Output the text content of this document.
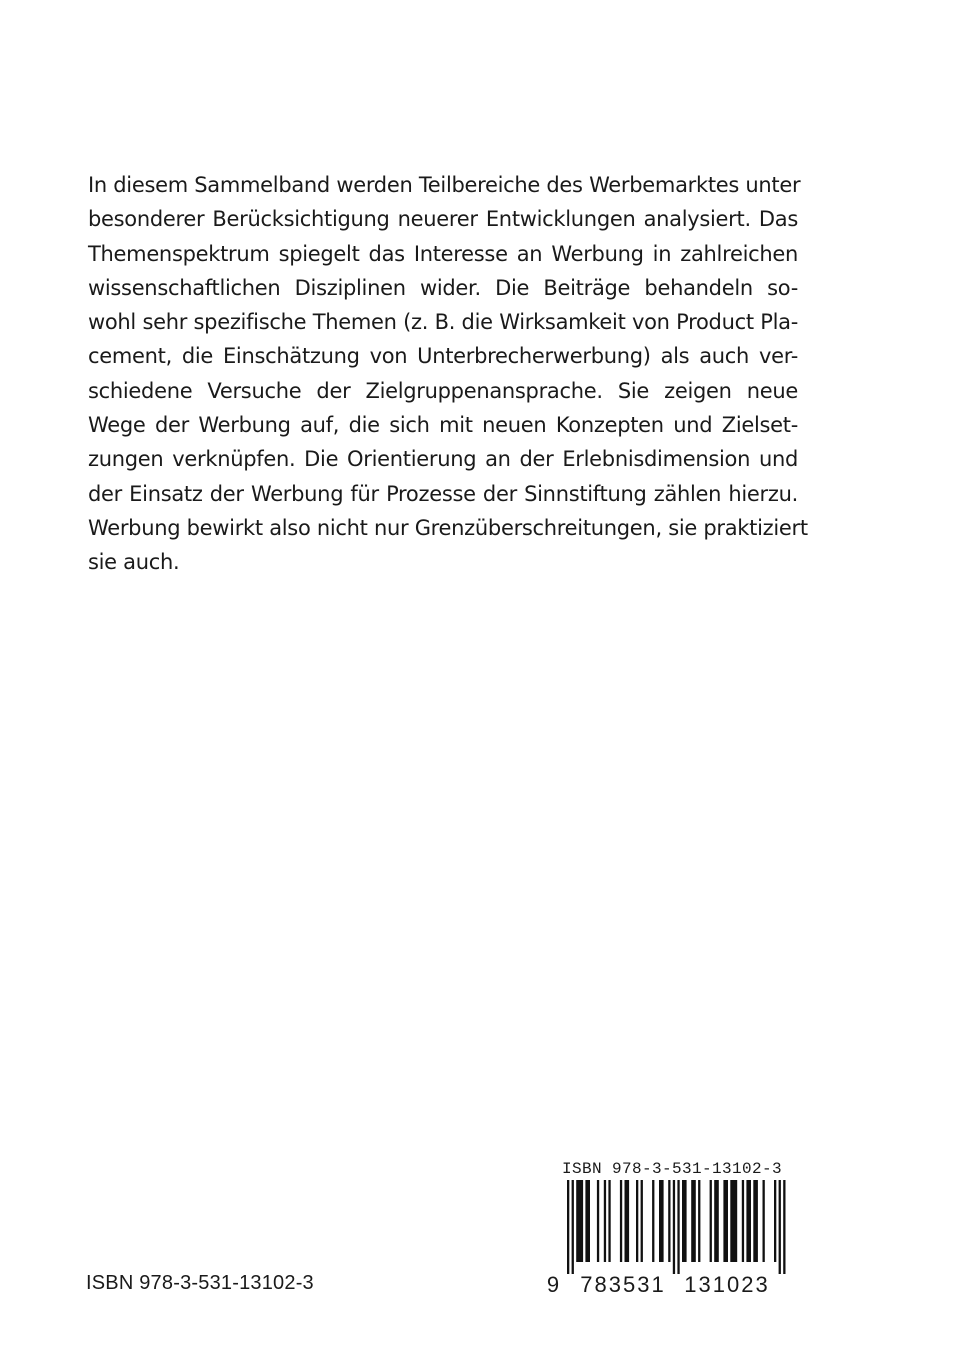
In diesem Sammelband werden Teilbereiche des Werbemarktes unter
besonderer Berücksichtigung neuerer Entwicklungen analysiert. Das
Themenspektrum spiegelt das Interesse an Werbung in zahlreichen
wissenschaftlichen Disziplinen wider. Die Beiträge behandeln so-
wohl sehr spezifische Themen (z. B. die Wirksamkeit von Product Pla-
cement, die Einschätzung von Unterbrecherwerbung) als auch ver-
schiedene Versuche der Zielgruppenansprache. Sie zeigen neue
Wege der Werbung auf, die sich mit neuen Konzepten und Zielset-
zungen verknüpfen. Die Orientierung an der Erlebnisdimension und
der Einsatz der Werbung für Prozesse der Sinnstiftung zählen hierzu.
Werbung bewirkt also nicht nur Grenzüberschreitungen, sie praktiziert
sie auch.

ISBN 978-3-531-13102-3

9 783531 131023

ISBN 978-3-531-13102-3
